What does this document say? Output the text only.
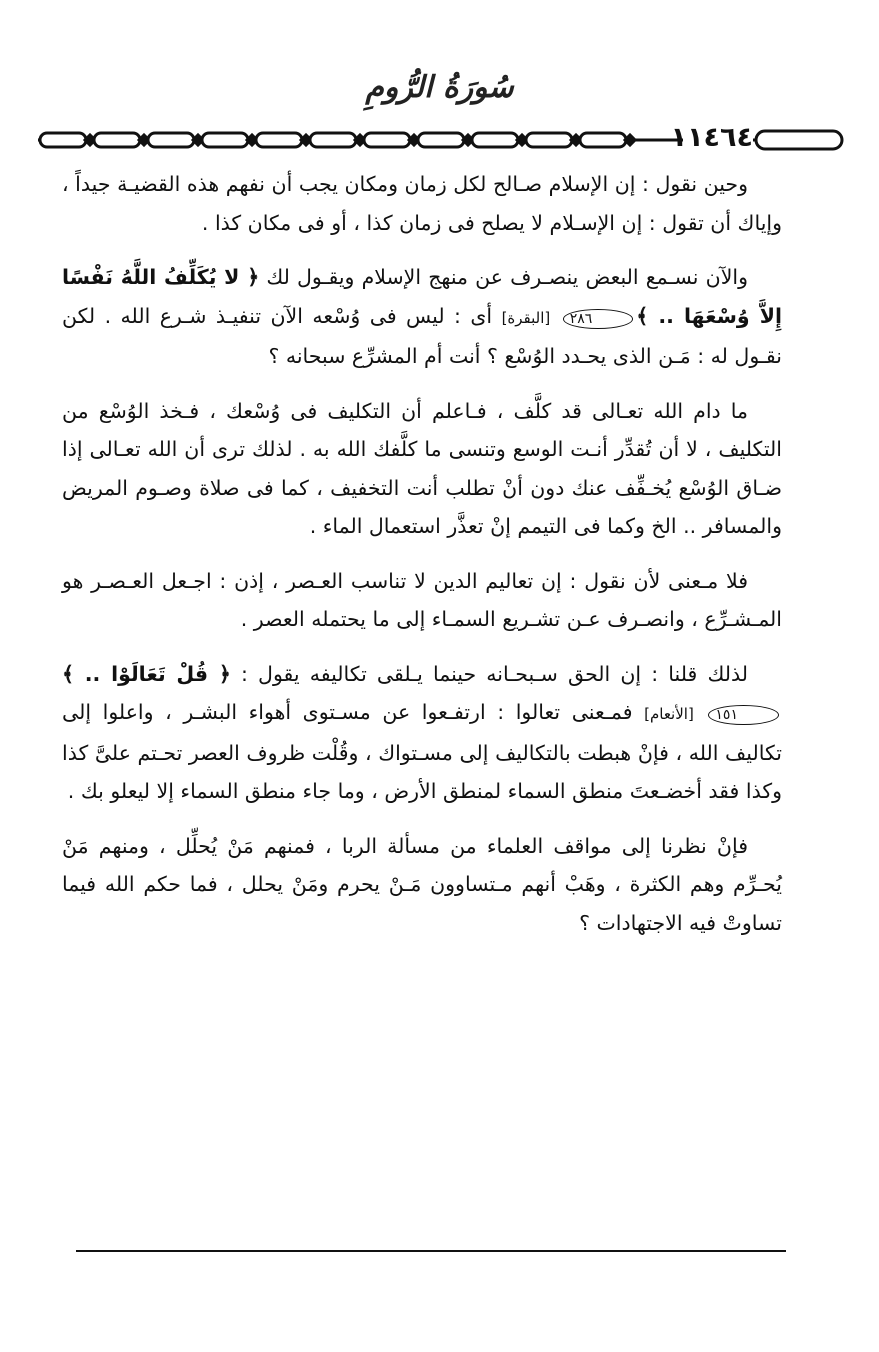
سُورَةُ الرُّومِ
١١٤٦٤

وحين نقول : إن الإسلام صـالح لكل زمان ومكان يجب أن نفهم هذه القضيـة جيداً ، وإياك أن تقول : إن الإسـلام لا يصلح فى زمان كذا ، أو فى مكان كذا .

والآن نسـمع البعض ينصـرف عن منهج الإسلام ويقـول لك ﴿ لا يُكَلِّفُ اللَّهُ نَفْسًا إِلاَّ وُسْعَهَا .. ﴾٢٨٦ [البقرة] أى : ليس فى وُسْعه الآن تنفيـذ شـرع الله . لكن نقـول له : مَـن الذى يحـدد الوُسْع ؟ أنت أم المشرِّع سبحانه ؟

ما دام الله تعـالى قد كلَّف ، فـاعلم أن التكليف فى وُسْعك ، فـخذ الوُسْع من التكليف ، لا أن تُقدِّر أنـت الوسع وتنسى ما كلَّفك الله به . لذلك ترى أن الله تعـالى إذا ضـاق الوُسْع يُخـفِّف عنك دون أنْ تطلب أنت التخفيف ، كما فى صلاة وصـوم المريض والمسافر .. الخ وكما فى التيمم إنْ تعذَّر استعمال الماء .

فلا مـعنى لأن نقول : إن تعاليم الدين لا تناسب العـصر ، إذن : اجـعل العـصـر هو المـشـرِّع ، وانصـرف عـن تشـريع السمـاء إلى ما يحتمله العصر .

لذلك قلنا : إن الحق سـبحـانه حينما يـلقى تكاليفه يقول : ﴿ قُلْ تَعَالَوْا .. ﴾١٥١ [الأنعام] فمـعنى تعالوا : ارتفـعوا عن مسـتوى أهواء البشـر ، واعلوا إلى تكاليف الله ، فإنْ هبطت بالتكاليف إلى مسـتواك ، وقُلْت ظروف العصر تحـتم علىَّ كذا وكذا فقد أخضـعتَ منطق السماء لمنطق الأرض ، وما جاء منطق السماء إلا ليعلو بك .

فإنْ نظرنا إلى مواقف العلماء من مسألة الربا ، فمنهم مَنْ يُحلِّل ، ومنهم مَنْ يُحـرِّم وهم الكثرة ، وهَبْ أنهم مـتساوون مَـنْ يحرم ومَنْ يحلل ، فما حكم الله فيما تساوتْ فيه الاجتهادات ؟
